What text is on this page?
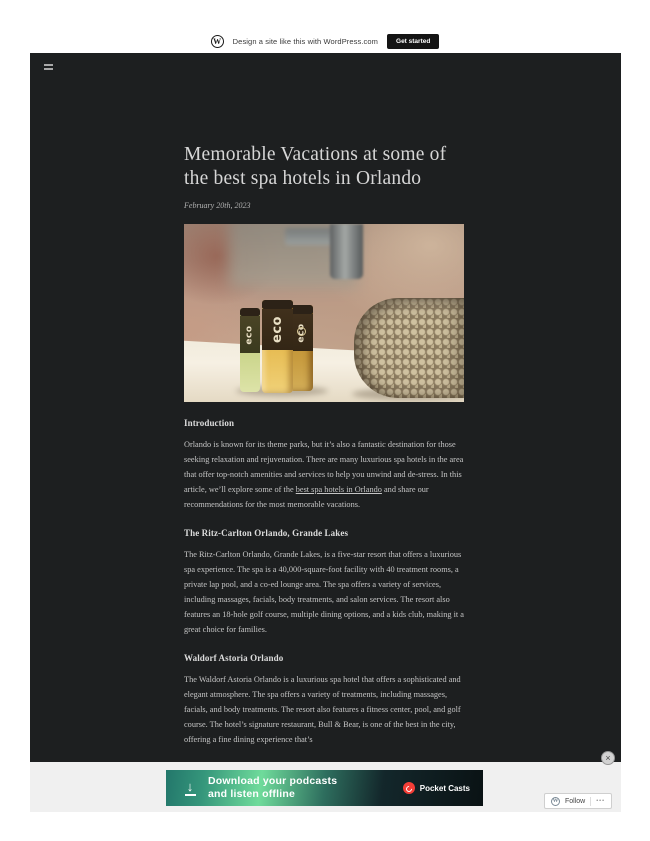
W	Design a site like this with WordPress.com	Get started
Memorable Vacations at some of the best spa hotels in Orlando
February 20th, 2023
eco	eco
eco
Introduction

Orlando is known for its theme parks, but it’s also a fantastic destination for those seeking relaxation and rejuvenation. There are many luxurious spa hotels in the area that offer top-notch amenities and services to help you unwind and de-stress. In this article, we’ll explore some of the best spa hotels in Orlando and share our recommendations for the most memorable vacations.

The Ritz-Carlton Orlando, Grande Lakes

The Ritz-Carlton Orlando, Grande Lakes, is a five-star resort that offers a luxurious spa experience. The spa is a 40,000-square-foot facility with 40 treatment rooms, a private lap pool, and a co-ed lounge area. The spa offers a variety of services, including massages, facials, body treatments, and salon services. The resort also features an 18-hole golf course, multiple dining options, and a kids club, making it a great choice for families.

Waldorf Astoria Orlando

The Waldorf Astoria Orlando is a luxurious spa hotel that offers a sophisticated and elegant atmosphere. The spa offers a variety of treatments, including massages, facials, and body treatments. The resort also features a fitness center, pool, and golf course. The hotel’s signature restaurant, Bull & Bear, is one of the best in the city, offering a fine dining experience that’s

×
↓ Download your podcasts
and listen offline	Pocket Casts
W Follow •••
